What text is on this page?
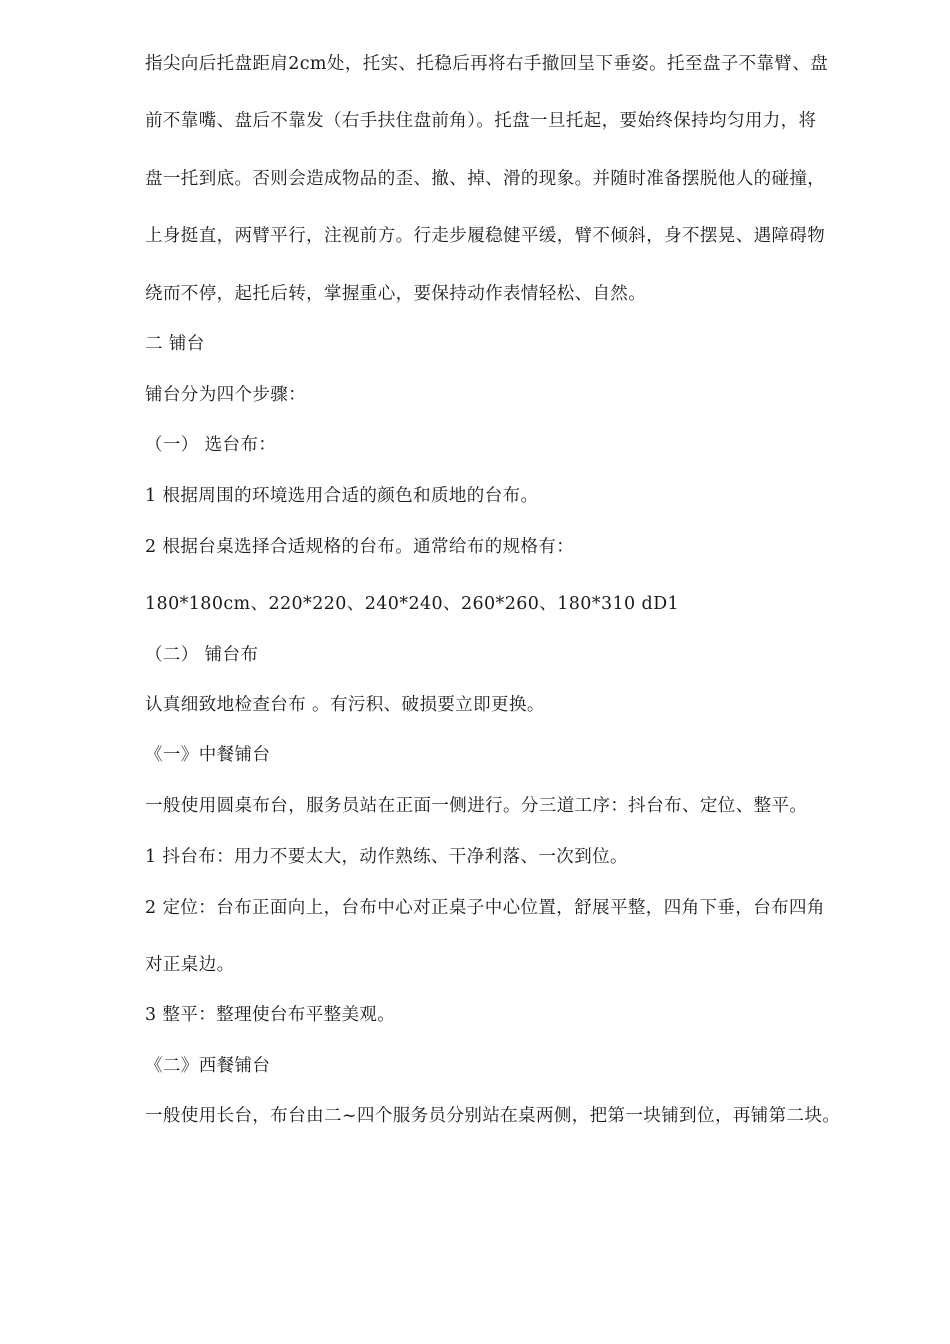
指尖向后托盘距肩2cm处，托实、托稳后再将右手撤回呈下垂姿。托至盘子不靠臂、盘
前不靠嘴、盘后不靠发（右手扶住盘前角）。托盘一旦托起，要始终保持均匀用力，将
盘一托到底。否则会造成物品的歪、撤、掉、滑的现象。并随时准备摆脱他人的碰撞，
上身挺直，两臂平行，注视前方。行走步履稳健平缓，臂不倾斜，身不摆晃、遇障碍物
绕而不停，起托后转，掌握重心，要保持动作表情轻松、自然。
二 铺台
铺台分为四个步骤：
（一） 选台布：
1 根据周围的环境选用合适的颜色和质地的台布。
2 根据台桌选择合适规格的台布。通常给布的规格有：
180*180cm、220*220、240*240、260*260、180*310 dD1
（二） 铺台布
认真细致地检查台布 。有污积、破损要立即更换。
《一》中餐铺台
一般使用圆桌布台，服务员站在正面一侧进行。分三道工序：抖台布、定位、整平。
1 抖台布：用力不要太大，动作熟练、干净利落、一次到位。
2 定位：台布正面向上，台布中心对正桌子中心位置，舒展平整，四角下垂，台布四角
对正桌边。
3 整平：整理使台布平整美观。
《二》西餐铺台
一般使用长台，布台由二~四个服务员分别站在桌两侧，把第一块铺到位，再铺第二块。
